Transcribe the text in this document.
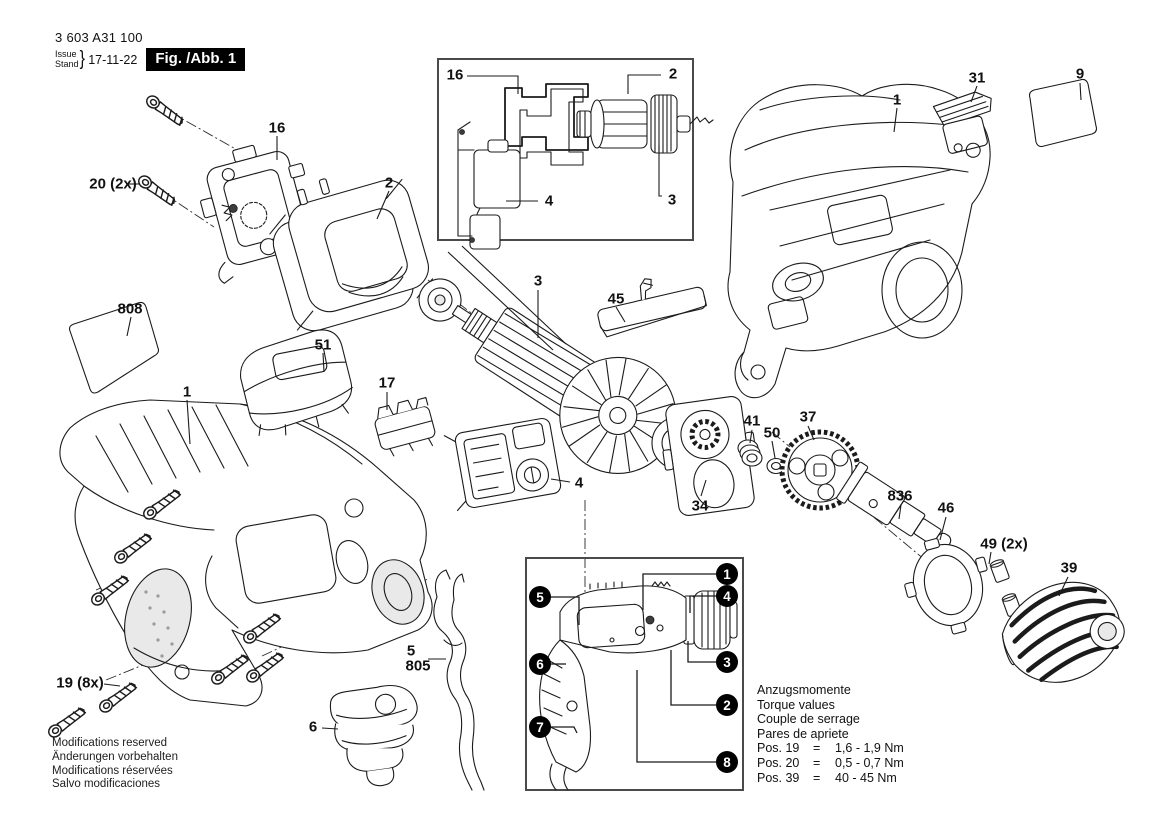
3 603 A31 100
Issue
Stand } 17-11-22	Fig. /Abb. 1
16	2
4	3
1
31	9
16
20 (2x)	2
808
51
1
17
3
45
4
34
41
50
37
836
46
49 (2x)
39
19 (8x)
5
805
6
1
4
3
2
8
5
6
7
Modifications reserved
Änderungen vorbehalten
Modifications réservées
Salvo modificaciones
Anzugsmomente
Torque values
Couple de serrage
Pares de apriete
Pos. 19	=	1,6 - 1,9 Nm
Pos. 20	=	0,5 - 0,7 Nm
Pos. 39	=	40 - 45 Nm
